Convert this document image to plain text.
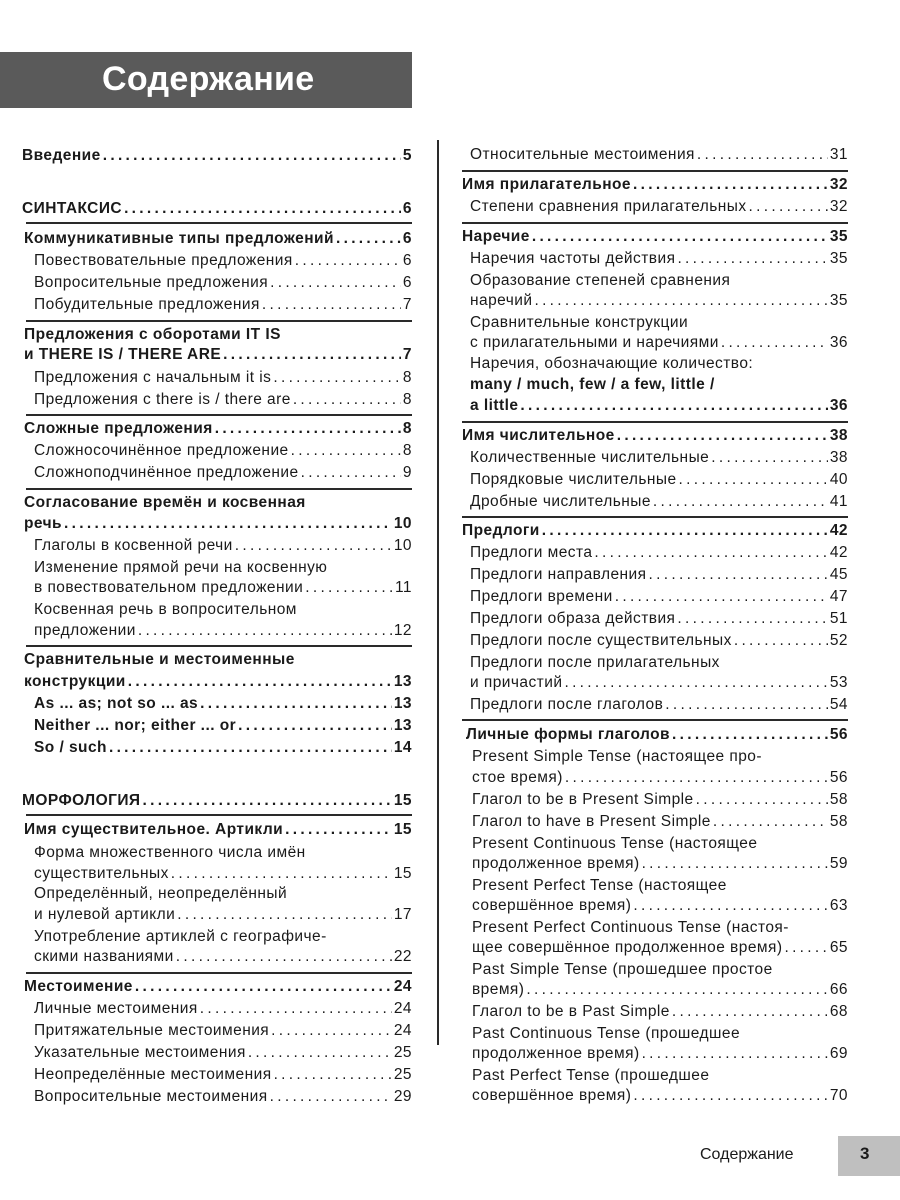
Содержание
Введение . . .	5
СИНТАКСИС . . .	6
Коммуникативные типы предложений . . .	6
Повествовательные предложения . . .	6
Вопросительные предложения . . .	6
Побудительные предложения . . .	7
Предложения с оборотами IT IS
и THERE IS / THERE ARE . . .	7
Предложения с начальным it is . . .	8
Предложения с there is / there are . . .	8
Сложные предложения . . .	8
Сложносочинённое предложение . . .	8
Сложноподчинённое предложение . . .	9
Согласование времён и косвенная
речь . . .	10
Глаголы в косвенной речи . . .	10
Изменение прямой речи на косвенную
в повествовательном предложении . . .	11
Косвенная речь в вопросительном
предложении . . .	12
Сравнительные и местоименные
конструкции . . .	13
As ... as; not so ... as . . .	13
Neither ... nor; either ... or . . .	13
So / such . . .	14
МОРФОЛОГИЯ . . .	15
Имя существительное. Артикли . . .	15
Форма множественного числа имён
существительных . . .	15
Определённый, неопределённый
и нулевой артикли . . .	17
Употребление артиклей с географиче-
скими названиями . . .	22
Местоимение . . .	24
Личные местоимения . . .	24
Притяжательные местоимения . . .	24
Указательные местоимения . . .	25
Неопределённые местоимения . . .	25
Вопросительные местоимения . . .	29
Относительные местоимения . . .	31
Имя прилагательное . . .	32
Степени сравнения прилагательных . . .	32
Наречие . . .	35
Наречия частоты действия . . .	35
Образование степеней сравнения
наречий . . .	35
Сравнительные конструкции
с прилагательными и наречиями . . .	36
Наречия, обозначающие количество:
many / much, few / a few, little /
a little . . .	36
Имя числительное . . .	38
Количественные числительные . . .	38
Порядковые числительные . . .	40
Дробные числительные . . .	41
Предлоги . . .	42
Предлоги места . . .	42
Предлоги направления . . .	45
Предлоги времени . . .	47
Предлоги образа действия . . .	51
Предлоги после существительных . . .	52
Предлоги после прилагательных
и причастий . . .	53
Предлоги после глаголов . . .	54
Личные формы глаголов . . .	56
Present Simple Tense (настоящее про-
стое время) . . .	56
Глагол to be в Present Simple . . .	58
Глагол to have в Present Simple . . .	58
Present Continuous Tense (настоящее
продолженное время) . . .	59
Present Perfect Tense (настоящее
совершённое время) . . .	63
Present Perfect Continuous Tense (настоя-
щее совершённое продолженное время) . . .	65
Past Simple Tense (прошедшее простое
время) . . .	66
Глагол to be в Past Simple . . .	68
Past Continuous Tense (прошедшее
продолженное время) . . .	69
Past Perfect Tense (прошедшее
совершённое время) . . .	70
Содержание	3
